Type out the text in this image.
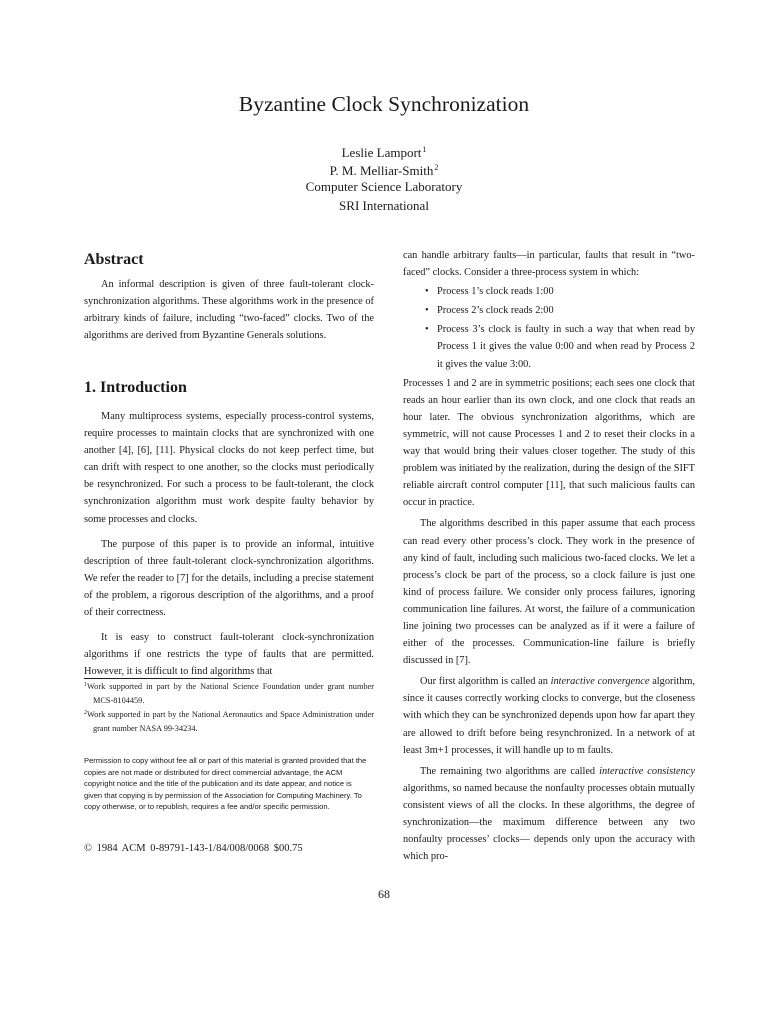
Byzantine Clock Synchronization
Leslie Lamport$^1$
P. M. Melliar-Smith$^2$
Computer Science Laboratory
SRI International
Abstract

An informal description is given of three fault-tolerant clock-synchronization algorithms. These algorithms work in the presence of arbitrary kinds of failure, including “two-faced” clocks. Two of the algorithms are derived from Byzantine Generals solutions.

1. Introduction

Many multiprocess systems, especially process-control systems, require processes to maintain clocks that are synchronized with one another [4], [6], [11]. Physical clocks do not keep perfect time, but can drift with respect to one another, so the clocks must periodically be resynchronized. For such a process to be fault-tolerant, the clock synchronization algorithm must work despite faulty behavior by some processes and clocks.

The purpose of this paper is to provide an informal, intuitive description of three fault-tolerant clock-synchronization algorithms. We refer the reader to [7] for the details, including a precise statement of the problem, a rigorous description of the algorithms, and a proof of their correctness.

It is easy to construct fault-tolerant clock-synchronization algorithms if one restricts the type of faults that are permitted. However, it is difficult to find algorithms that

$^1$Work supported in part by the National Science Foundation under grant number MCS-8104459.

$^2$Work supported in part by the National Aeronautics and Space Administration under grant number NASA 99-34234.

Permission to copy without fee all or part of this material is granted provided that the copies are not made or distributed for direct commercial advantage, the ACM copyright notice and the title of the publication and its date appear, and notice is given that copying is by permission of the Association for Computing Machinery. To copy otherwise, or to republish, requires a fee and/or specific permission.
© 1984 ACM 0-89791-143-1/84/008/0068 $00.75

can handle arbitrary faults—in particular, faults that result in “two-faced” clocks. Consider a three-process system in which:

• Process 1’s clock reads 1:00
• Process 2’s clock reads 2:00
• Process 3’s clock is faulty in such a way that when read by Process 1 it gives the value 0:00 and when read by Process 2 it gives the value 3:00.

Processes 1 and 2 are in symmetric positions; each sees one clock that reads an hour earlier than its own clock, and one clock that reads an hour later. The obvious synchronization algorithms, which are symmetric, will not cause Processes 1 and 2 to reset their clocks in a way that would bring their values closer together. The study of this problem was initiated by the realization, during the design of the SIFT reliable aircraft control computer [11], that such malicious faults can occur in practice.

The algorithms described in this paper assume that each process can read every other process’s clock. They work in the presence of any kind of fault, including such malicious two-faced clocks. We let a process’s clock be part of the process, so a clock failure is just one kind of process failure. We consider only process failures, ignoring communication line failures. At worst, the failure of a communication line joining two processes can be analyzed as if it were a failure of either of the processes. Communication-line failure is briefly discussed in [7].

Our first algorithm is called an interactive convergence algorithm, since it causes correctly working clocks to converge, but the closeness with which they can be synchronized depends upon how far apart they are allowed to drift before being resynchronized. In a network of at least 3m+1 processes, it will handle up to m faults.

The remaining two algorithms are called interactive consistency algorithms, so named because the nonfaulty processes obtain mutually consistent views of all the clocks. In these algorithms, the degree of synchronization—the maximum difference between any two nonfaulty processes’ clocks— depends only upon the accuracy with which pro-

68
